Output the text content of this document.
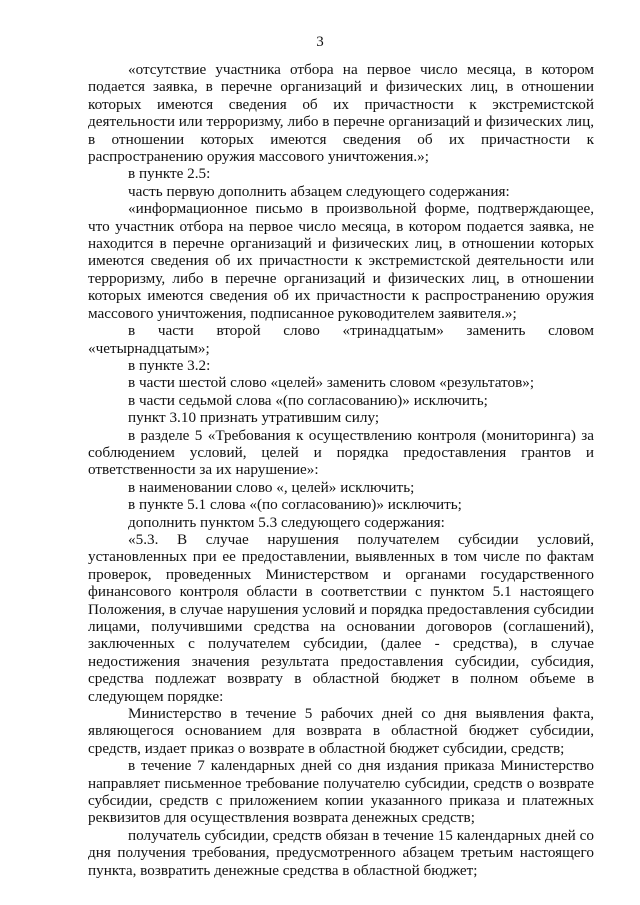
3

«отсутствие участника отбора на первое число месяца, в котором подается заявка, в перечне организаций и физических лиц, в отношении которых имеются сведения об их причастности к экстремистской деятельности или терроризму, либо в перечне организаций и физических лиц, в отношении которых имеются сведения об их причастности к распространению оружия массового уничтожения.»;

в пункте 2.5:

часть первую дополнить абзацем следующего содержания:

«информационное письмо в произвольной форме, подтверждающее, что участник отбора на первое число месяца, в котором подается заявка, не находится в перечне организаций и физических лиц, в отношении которых имеются сведения об их причастности к экстремистской деятельности или терроризму, либо в перечне организаций и физических лиц, в отношении которых имеются сведения об их причастности к распространению оружия массового уничтожения, подписанное руководителем заявителя.»;

в части второй слово «тринадцатым» заменить словом «четырнадцатым»;

в пункте 3.2:

в части шестой слово «целей» заменить словом «результатов»;

в части седьмой слова «(по согласованию)» исключить;

пункт 3.10 признать утратившим силу;

в разделе 5 «Требования к осуществлению контроля (мониторинга) за соблюдением условий, целей и порядка предоставления грантов и ответственности за их нарушение»:

в наименовании слово «, целей» исключить;

в пункте 5.1 слова «(по согласованию)» исключить;

дополнить пунктом 5.3 следующего содержания:

«5.3. В случае нарушения получателем субсидии условий, установленных при ее предоставлении, выявленных в том числе по фактам проверок, проведенных Министерством и органами государственного финансового контроля области в соответствии с пунктом 5.1 настоящего Положения, в случае нарушения условий и порядка предоставления субсидии лицами, получившими средства на основании договоров (соглашений), заключенных с получателем субсидии, (далее - средства), в случае недостижения значения результата предоставления субсидии, субсидия, средства подлежат возврату в областной бюджет в полном объеме в следующем порядке:

Министерство в течение 5 рабочих дней со дня выявления факта, являющегося основанием для возврата в областной бюджет субсидии, средств, издает приказ о возврате в областной бюджет субсидии, средств;

в течение 7 календарных дней со дня издания приказа Министерство направляет письменное требование получателю субсидии, средств о возврате субсидии, средств с приложением копии указанного приказа и платежных реквизитов для осуществления возврата денежных средств;

получатель субсидии, средств обязан в течение 15 календарных дней со дня получения требования, предусмотренного абзацем третьим настоящего пункта, возвратить денежные средства в областной бюджет;
